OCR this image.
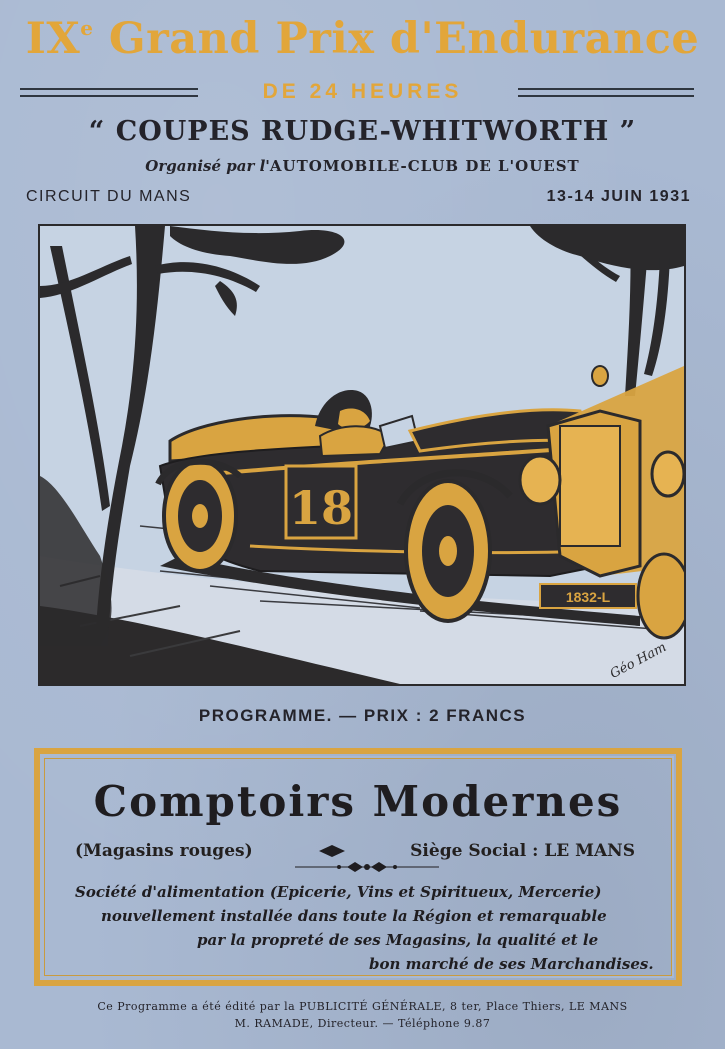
IXe Grand Prix d'Endurance
DE 24 HEURES
“ COUPES RUDGE-WHITWORTH ”
Organisé par l'AUTOMOBILE-CLUB DE L'OUEST
CIRCUIT DU MANS	13-14 JUIN 1931
18
1832-L
Géo Ham
PROGRAMME. — PRIX : 2 FRANCS
Comptoirs Modernes
(Magasins rouges)	Siège Social : LE MANS
Société d'alimentation (Epicerie, Vins et Spiritueux, Mercerie)
nouvellement installée dans toute la Région et remarquable
par la propreté de ses Magasins, la qualité et le
bon marché de ses Marchandises.
Ce Programme a été édité par la PUBLICITÉ GÉNÉRALE, 8 ter, Place Thiers, LE MANS
M. RAMADE, Directeur. — Téléphone 9.87
